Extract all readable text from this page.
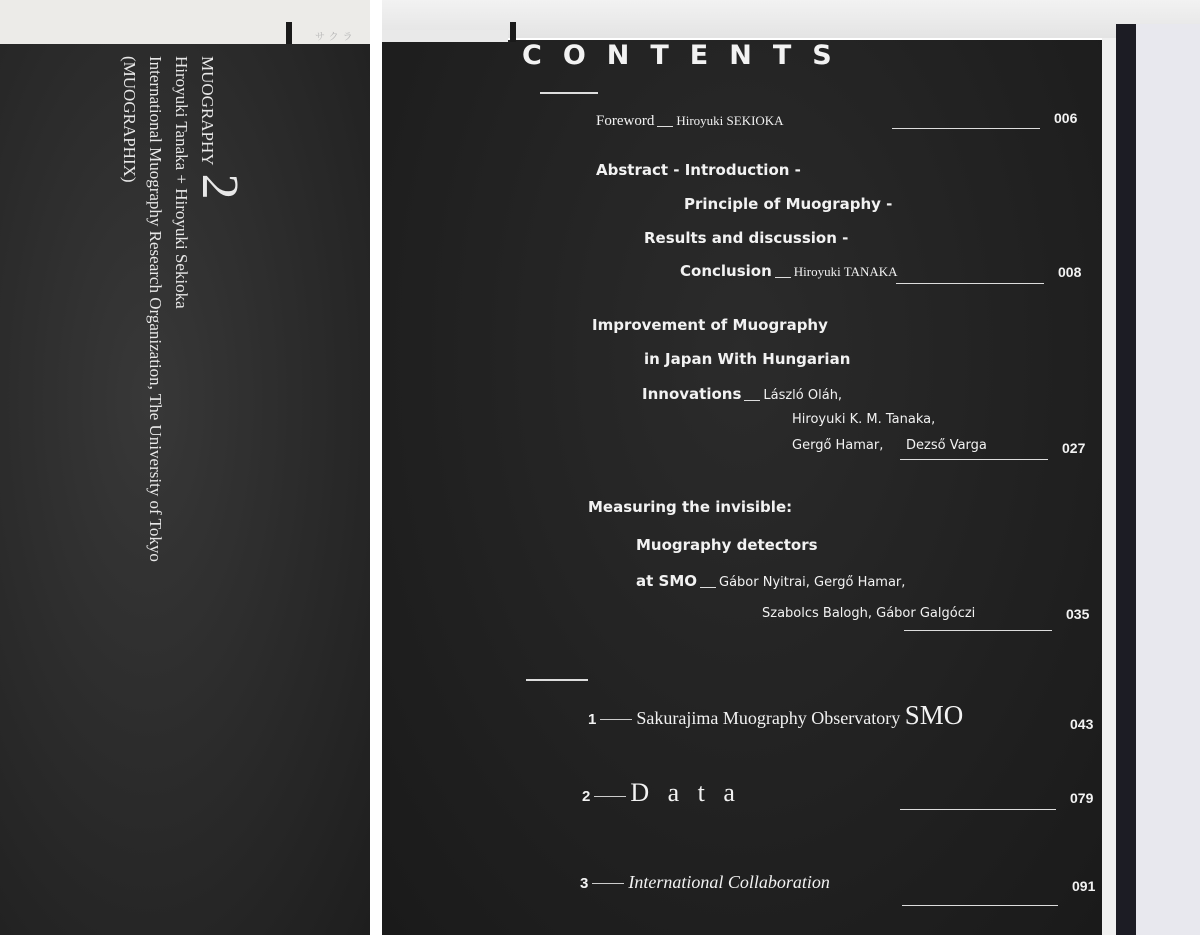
サクラ
MUOGRAPHY
2
Hiroyuki Tanaka + Hiroyuki Sekioka
International Muography Research Organization, The University of Tokyo
(MUOGRAPHIX)
CONTENTS
Foreword Hiroyuki SEKIOKA	006
Abstract - Introduction -
Principle of Muography -
Results and discussion -
Conclusion Hiroyuki TANAKA	008
Improvement of Muography
in Japan With Hungarian
Innovations László Oláh,
Hiroyuki K. M. Tanaka,
Gergő Hamar, Dezső Varga	027
Measuring the invisible:
Muography detectors
at SMO Gábor Nyitrai, Gergő Hamar,
Szabolcs Balogh, Gábor Galgóczi	035
1 Sakurajima Muography Observatory SMO	043
2 D a t a	079
3 International Collaboration	091
